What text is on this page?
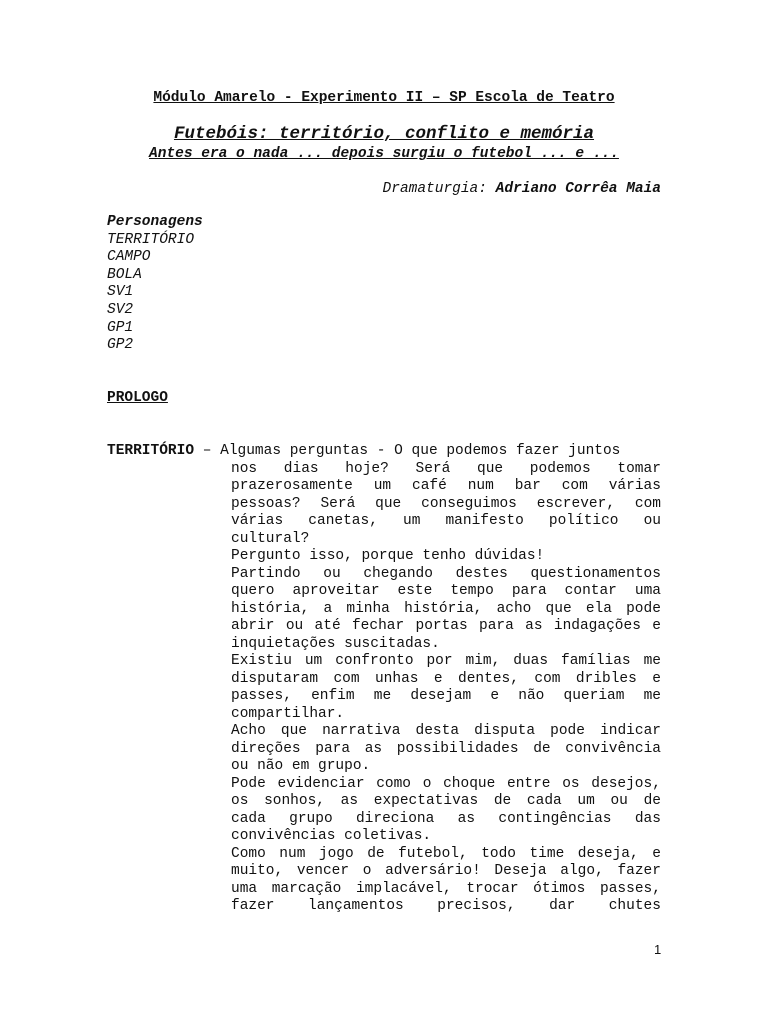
Módulo Amarelo - Experimento II – SP Escola de Teatro
Futebóis: território, conflito e memória
Antes era o nada ... depois surgiu o futebol ... e ...
Dramaturgia: Adriano Corrêa Maia
Personagens
TERRITÓRIO
CAMPO
BOLA
SV1
SV2
GP1
GP2
PROLOGO
TERRITÓRIO – Algumas perguntas - O que podemos fazer juntos

nos dias hoje? Será que podemos tomar
prazerosamente um café num bar com várias
pessoas? Será que conseguimos escrever, com
várias canetas, um manifesto político ou
cultural?
Pergunto isso, porque tenho dúvidas!
Partindo ou chegando destes questionamentos
quero aproveitar este tempo para contar uma
história, a minha história, acho que ela pode
abrir ou até fechar portas para as indagações e
inquietações suscitadas.
Existiu um confronto por mim, duas famílias me
disputaram com unhas e dentes, com dribles e
passes, enfim me desejam e não queriam me
compartilhar.
Acho que narrativa desta disputa pode indicar
direções para as possibilidades de convivência
ou não em grupo.
Pode evidenciar como o choque entre os desejos,
os sonhos, as expectativas de cada um ou de
cada grupo direciona as contingências das
convivências coletivas.
Como num jogo de futebol, todo time deseja, e
muito, vencer o adversário! Deseja algo, fazer
uma marcação implacável, trocar ótimos passes,
fazer lançamentos precisos, dar chutes
1
